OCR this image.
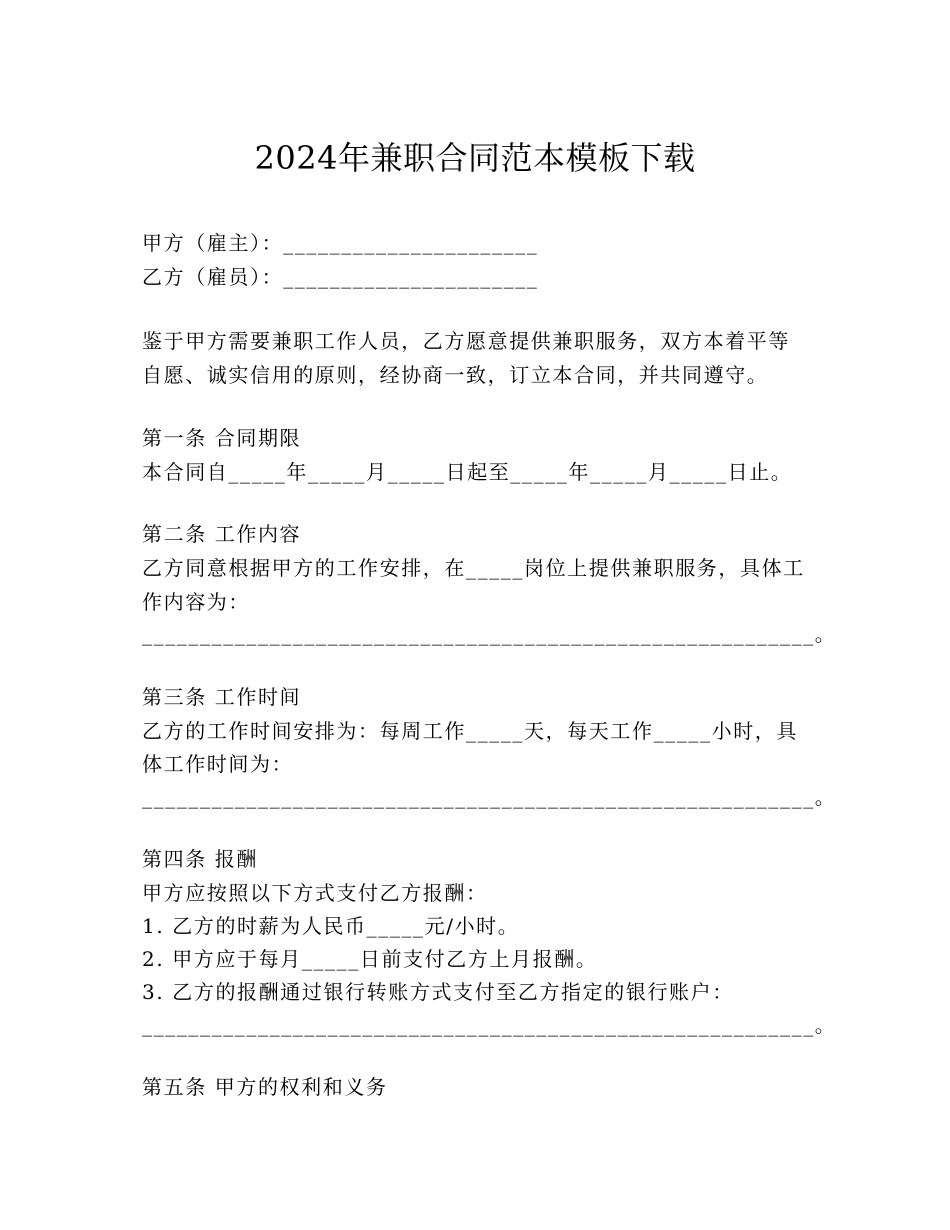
2024年兼职合同范本模板下载
甲方（雇主）：______________________
乙方（雇员）：______________________
鉴于甲方需要兼职工作人员，乙方愿意提供兼职服务，双方本着平等
自愿、诚实信用的原则，经协商一致，订立本合同，并共同遵守。
第一条 合同期限
本合同自_____年_____月_____日起至_____年_____月_____日止。
第二条 工作内容
乙方同意根据甲方的工作安排，在_____岗位上提供兼职服务，具体工
作内容为：
__________________________________________________________。
第三条 工作时间
乙方的工作时间安排为：每周工作_____天，每天工作_____小时，具
体工作时间为：
__________________________________________________________。
第四条 报酬
甲方应按照以下方式支付乙方报酬：
1. 乙方的时薪为人民币_____元/小时。
2. 甲方应于每月_____日前支付乙方上月报酬。
3. 乙方的报酬通过银行转账方式支付至乙方指定的银行账户：
__________________________________________________________。
第五条 甲方的权利和义务
